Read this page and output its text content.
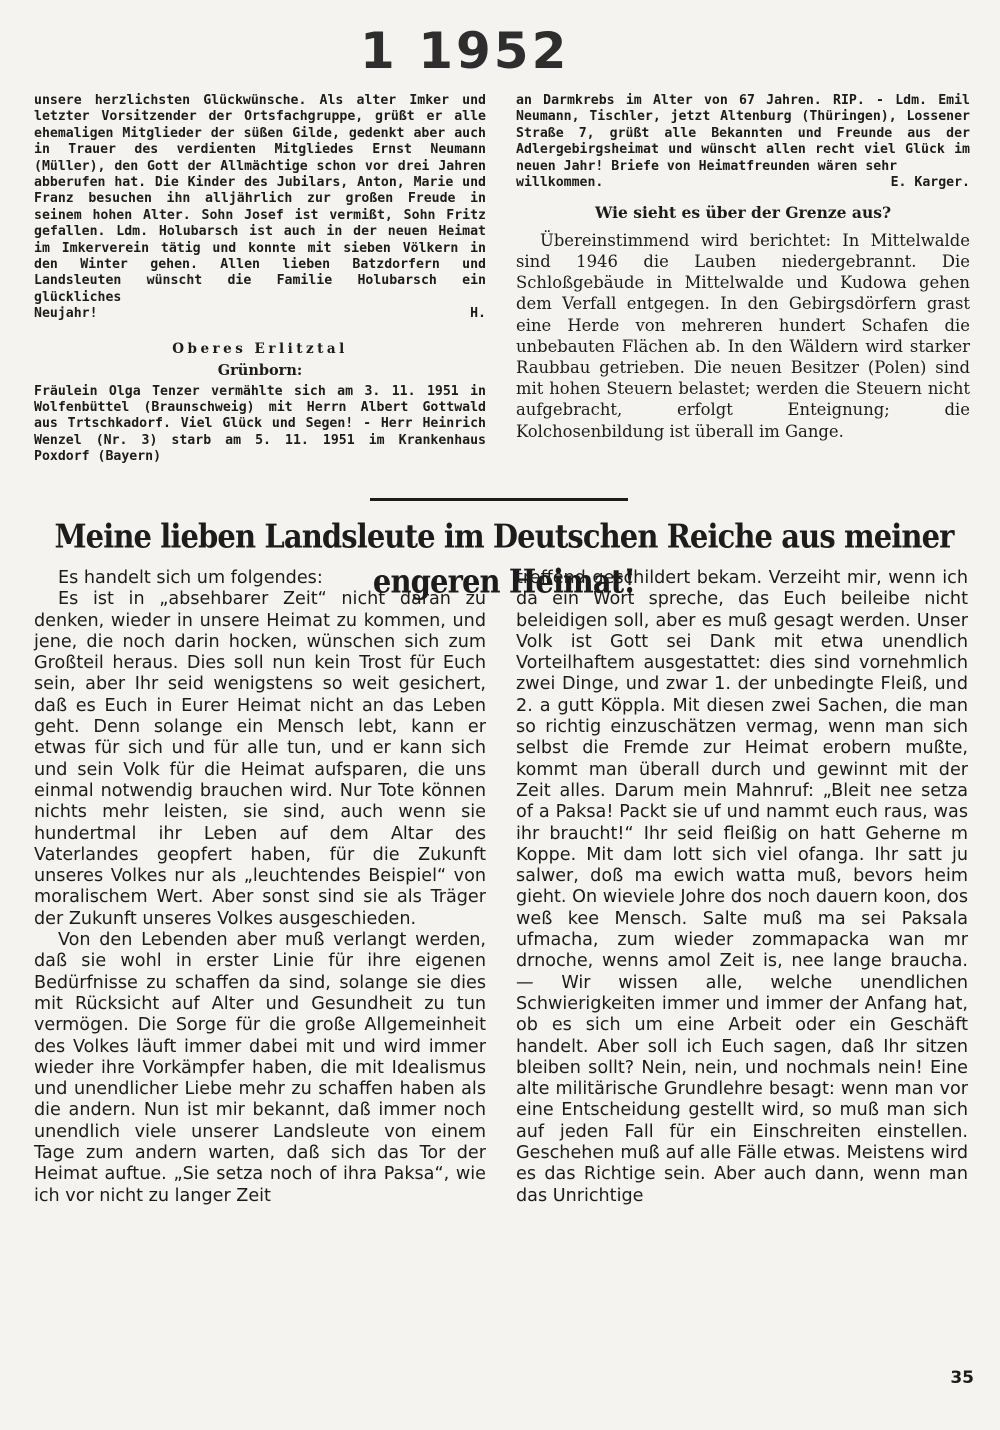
1 1952

unsere herzlichsten Glückwünsche. Als alter Imker und letzter Vorsitzender der Ortsfachgruppe, grüßt er alle ehemaligen Mitglieder der süßen Gilde, gedenkt aber auch in Trauer des verdienten Mitgliedes Ernst Neumann (Müller), den Gott der Allmächtige schon vor drei Jahren abberufen hat. Die Kinder des Jubilars, Anton, Marie und Franz besuchen ihn alljährlich zur großen Freude in seinem hohen Alter. Sohn Josef ist vermißt, Sohn Fritz gefallen. Ldm. Holubarsch ist auch in der neuen Heimat im Imkerverein tätig und konnte mit sieben Völkern in den Winter gehen. Allen lieben Batzdorfern und Landsleuten wünscht die Familie Holubarsch ein glückliches

Neujahr!	H.
Oberes Erlitztal
Grünborn:

Fräulein Olga Tenzer vermählte sich am 3. 11. 1951 in Wolfenbüttel (Braunschweig) mit Herrn Albert Gottwald aus Trtschkadorf. Viel Glück und Segen! - Herr Heinrich Wenzel (Nr. 3) starb am 5. 11. 1951 im Krankenhaus Poxdorf (Bayern)

an Darmkrebs im Alter von 67 Jahren. RIP. - Ldm. Emil Neumann, Tischler, jetzt Altenburg (Thüringen), Lossener Straße 7, grüßt alle Bekannten und Freunde aus der Adlergebirgsheimat und wünscht allen recht viel Glück im neuen Jahr! Briefe von Heimatfreunden wären sehr

willkommen.	E. Karger.
Wie sieht es über der Grenze aus?

Übereinstimmend wird berichtet: In Mittelwalde sind 1946 die Lauben niedergebrannt. Die Schloßgebäude in Mittelwalde und Kudowa gehen dem Verfall entgegen. In den Gebirgsdörfern grast eine Herde von mehreren hundert Schafen die unbebauten Flächen ab. In den Wäldern wird starker Raubbau getrieben. Die neuen Besitzer (Polen) sind mit hohen Steuern belastet; werden die Steuern nicht aufgebracht, erfolgt Enteignung; die Kolchosenbildung ist überall im Gange.

Meine lieben Landsleute im Deutschen Reiche aus meiner engeren Heimat!

Es handelt sich um folgendes:

Es ist in „absehbarer Zeit“ nicht daran zu denken, wieder in unsere Heimat zu kommen, und jene, die noch darin hocken, wünschen sich zum Großteil heraus. Dies soll nun kein Trost für Euch sein, aber Ihr seid wenigstens so weit gesichert, daß es Euch in Eurer Heimat nicht an das Leben geht. Denn solange ein Mensch lebt, kann er etwas für sich und für alle tun, und er kann sich und sein Volk für die Heimat aufsparen, die uns einmal notwendig brauchen wird. Nur Tote können nichts mehr leisten, sie sind, auch wenn sie hundertmal ihr Leben auf dem Altar des Vaterlandes geopfert haben, für die Zukunft unseres Volkes nur als „leuchtendes Beispiel“ von moralischem Wert. Aber sonst sind sie als Träger der Zukunft unseres Volkes ausgeschieden.

Von den Lebenden aber muß verlangt werden, daß sie wohl in erster Linie für ihre eigenen Bedürfnisse zu schaffen da sind, solange sie dies mit Rücksicht auf Alter und Gesundheit zu tun vermögen. Die Sorge für die große Allgemeinheit des Volkes läuft immer dabei mit und wird immer wieder ihre Vorkämpfer haben, die mit Idealismus und unendlicher Liebe mehr zu schaffen haben als die andern. Nun ist mir bekannt, daß immer noch unendlich viele unserer Landsleute von einem Tage zum andern warten, daß sich das Tor der Heimat auftue. „Sie setza noch of ihra Paksa“, wie ich vor nicht zu langer Zeit

treffend geschildert bekam. Verzeiht mir, wenn ich da ein Wort spreche, das Euch beileibe nicht beleidigen soll, aber es muß gesagt werden. Unser Volk ist Gott sei Dank mit etwa unendlich Vorteilhaftem ausgestattet: dies sind vornehmlich zwei Dinge, und zwar 1. der unbedingte Fleiß, und 2. a gutt Köppla. Mit diesen zwei Sachen, die man so richtig einzuschätzen vermag, wenn man sich selbst die Fremde zur Heimat erobern mußte, kommt man überall durch und gewinnt mit der Zeit alles. Darum mein Mahnruf: „Bleit nee setza of a Paksa! Packt sie uf und nammt euch raus, was ihr braucht!“ Ihr seid fleißig on hatt Geherne m Koppe. Mit dam lott sich viel ofanga. Ihr satt ju salwer, doß ma ewich watta muß, bevors heim gieht. On wieviele Johre dos noch dauern koon, dos weß kee Mensch. Salte muß ma sei Paksala ufmacha, zum wieder zommapacka wan mr drnoche, wenns amol Zeit is, nee lange braucha. — Wir wissen alle, welche unendlichen Schwierigkeiten immer und immer der Anfang hat, ob es sich um eine Arbeit oder ein Geschäft handelt. Aber soll ich Euch sagen, daß Ihr sitzen bleiben sollt? Nein, nein, und nochmals nein! Eine alte militärische Grundlehre besagt: wenn man vor eine Entscheidung gestellt wird, so muß man sich auf jeden Fall für ein Einschreiten einstellen. Geschehen muß auf alle Fälle etwas. Meistens wird es das Richtige sein. Aber auch dann, wenn man das Unrichtige

35
